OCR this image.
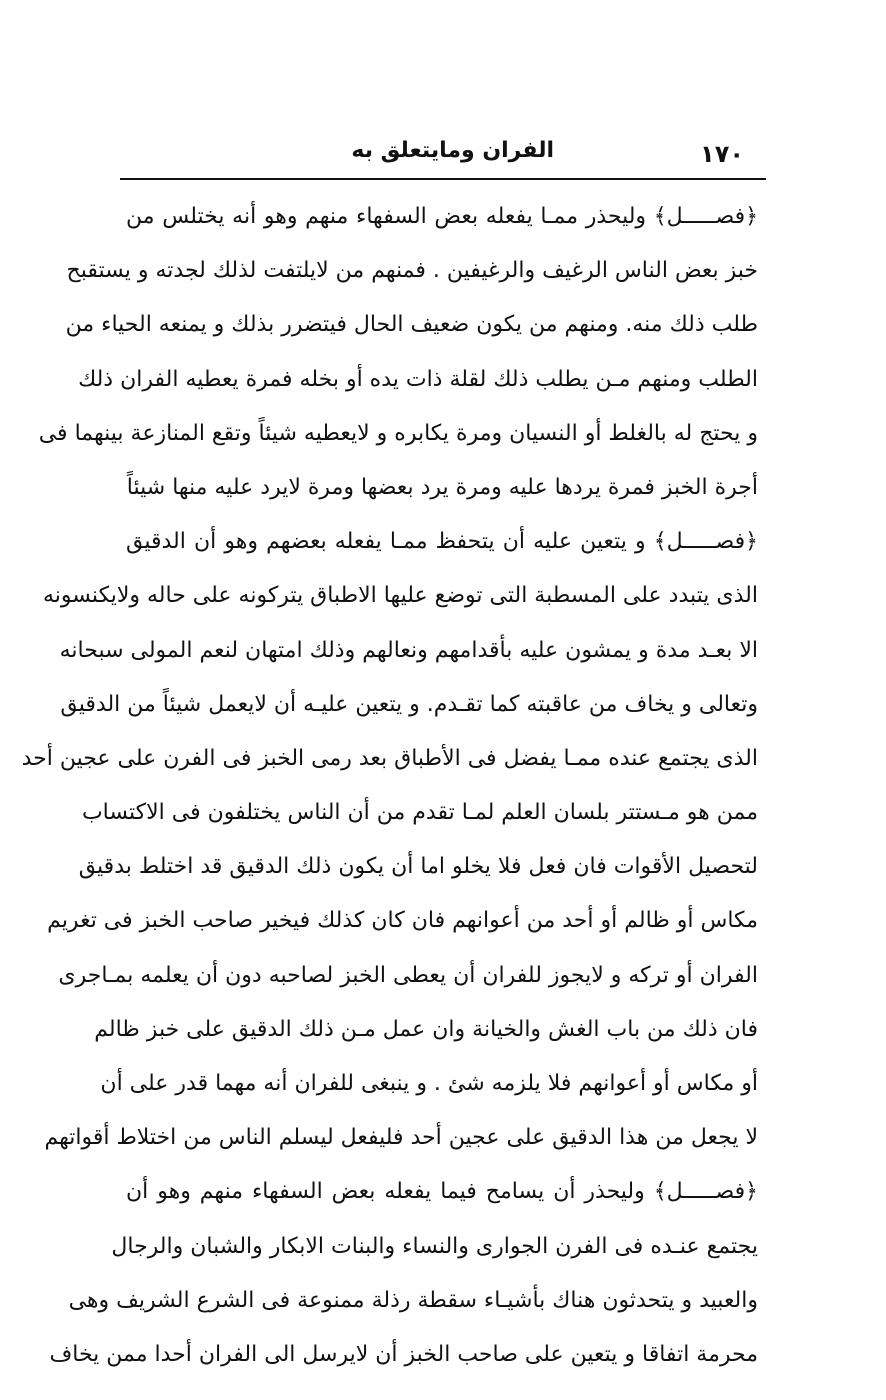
١٧٠
الفران ومايتعلق به
﴿فصـــــل﴾ وليحذر ممـا يفعله بعض السفهاء منهم وهو أنه يختلس من
خبز بعض الناس الرغيف والرغيفين . فمنهم من لايلتفت لذلك لجدته و يستقبح
طلب ذلك منه. ومنهم من يكون ضعيف الحال فيتضرر بذلك و يمنعه الحياء من
الطلب ومنهم مـن يطلب ذلك لقلة ذات يده أو بخله فمرة يعطيه الفران ذلك
و يحتج له بالغلط أو النسيان ومرة يكابره و لايعطيه شيئاً وتقع المنازعة بينهما فى
أجرة الخبز فمرة يردها عليه ومرة يرد بعضها ومرة لايرد عليه منها شيئاً
﴿فصـــــل﴾ و يتعين عليه أن يتحفظ ممـا يفعله بعضهم وهو أن الدقيق
الذى يتبدد على المسطبة التى توضع عليها الاطباق يتركونه على حاله ولايكنسونه
الا بعـد مدة و يمشون عليه بأقدامهم ونعالهم وذلك امتهان لنعم المولى سبحانه
وتعالى و يخاف من عاقبته كما تقـدم. و يتعين عليـه أن لايعمل شيئاً من الدقيق
الذى يجتمع عنده ممـا يفضل فى الأطباق بعد رمى الخبز فى الفرن على عجين أحد
ممن هو مـستتر بلسان العلم لمـا تقدم من أن الناس يختلفون فى الاكتساب
لتحصيل الأقوات فان فعل فلا يخلو اما أن يكون ذلك الدقيق قد اختلط بدقيق
مكاس أو ظالم أو أحد من أعوانهم فان كان كذلك فيخير صاحب الخبز فى تغريم
الفران أو تركه و لايجوز للفران أن يعطى الخبز لصاحبه دون أن يعلمه بمـاجرى
فان ذلك من باب الغش والخيانة وان عمل مـن ذلك الدقيق على خبز ظالم
أو مكاس أو أعوانهم فلا يلزمه شئ . و ينبغى للفران أنه مهما قدر على أن
لا يجعل من هذا الدقيق على عجين أحد فليفعل ليسلم الناس من اختلاط أقواتهم
﴿فصـــــل﴾ وليحذر أن يسامح فيما يفعله بعض السفهاء منهم وهو أن
يجتمع عنـده فى الفرن الجوارى والنساء والبنات الابكار والشبان والرجال
والعبيد و يتحدثون هناك بأشيـاء سقطة رذلة ممنوعة فى الشرع الشريف وهى
محرمة اتفاقا و يتعين على صاحب الخبز أن لايرسل الى الفران أحدا ممن يخاف
